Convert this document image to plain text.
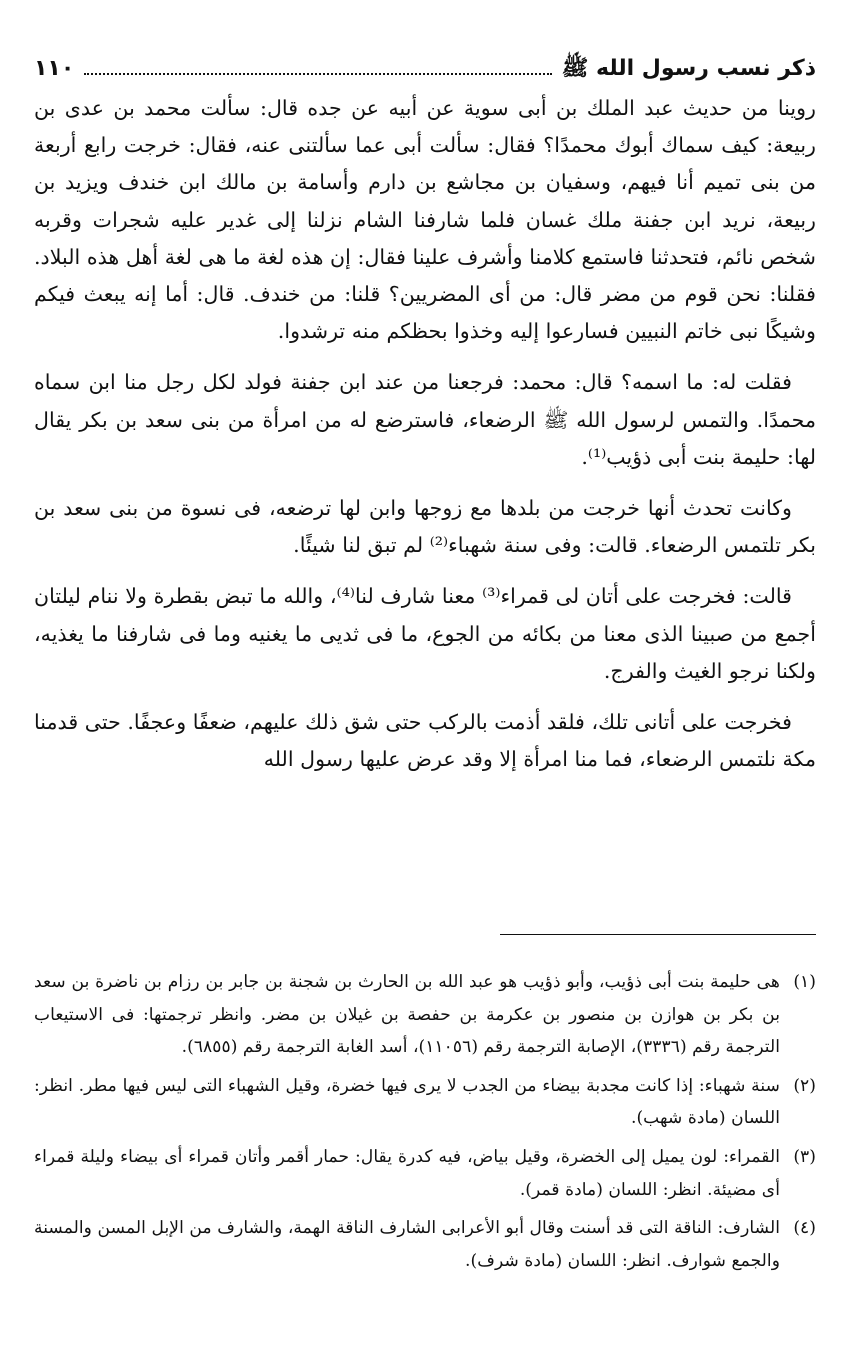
ذكر نسب رسول الله ﷺ
١١٠

روينا من حديث عبد الملك بن أبى سوية عن أبيه عن جده قال: سألت محمد بن عدى بن ربيعة: كيف سماك أبوك محمدًا؟ فقال: سألت أبى عما سألتنى عنه، فقال: خرجت رابع أربعة من بنى تميم أنا فيهم، وسفيان بن مجاشع بن دارم وأسامة بن مالك ابن خندف ويزيد بن ربيعة، نريد ابن جفنة ملك غسان فلما شارفنا الشام نزلنا إلى غدير عليه شجرات وقربه شخص نائم، فتحدثنا فاستمع كلامنا وأشرف علينا فقال: إن هذه لغة ما هى لغة أهل هذه البلاد. فقلنا: نحن قوم من مضر قال: من أى المضريين؟ قلنا: من خندف. قال: أما إنه يبعث فيكم وشيكًا نبى خاتم النبيين فسارعوا إليه وخذوا بحظكم منه ترشدوا.

فقلت له: ما اسمه؟ قال: محمد: فرجعنا من عند ابن جفنة فولد لكل رجل منا ابن سماه محمدًا. والتمس لرسول الله ﷺ الرضعاء، فاسترضع له من امرأة من بنى سعد بن بكر يقال لها: حليمة بنت أبى ذؤيب⁽¹⁾.

وكانت تحدث أنها خرجت من بلدها مع زوجها وابن لها ترضعه، فى نسوة من بنى سعد بن بكر تلتمس الرضعاء. قالت: وفى سنة شهباء⁽²⁾ لم تبق لنا شيئًا.

قالت: فخرجت على أتان لى قمراء⁽³⁾ معنا شارف لنا⁽⁴⁾، والله ما تبض بقطرة ولا ننام ليلتان أجمع من صبينا الذى معنا من بكائه من الجوع، ما فى ثديى ما يغنيه وما فى شارفنا ما يغذيه، ولكنا نرجو الغيث والفرج.

فخرجت على أتانى تلك، فلقد أذمت بالركب حتى شق ذلك عليهم، ضعفًا وعجفًا. حتى قدمنا مكة نلتمس الرضعاء، فما منا امرأة إلا وقد عرض عليها رسول الله

(١)
هى حليمة بنت أبى ذؤيب، وأبو ذؤيب هو عبد الله بن الحارث بن شجنة بن جابر بن رزام بن ناضرة بن سعد بن بكر بن هوازن بن منصور بن عكرمة بن حفصة بن غيلان بن مضر. وانظر ترجمتها: فى الاستيعاب الترجمة رقم (٣٣٣٦)، الإصابة الترجمة رقم (١١٠٥٦)، أسد الغابة الترجمة رقم (٦٨٥٥).
(٢)
سنة شهباء: إذا كانت مجدبة بيضاء من الجدب لا يرى فيها خضرة، وقيل الشهباء التى ليس فيها مطر. انظر: اللسان (مادة شهب).
(٣)
القمراء: لون يميل إلى الخضرة، وقيل بياض، فيه كدرة يقال: حمار أقمر وأتان قمراء أى بيضاء وليلة قمراء أى مضيئة. انظر: اللسان (مادة قمر).
(٤)
الشارف: الناقة التى قد أسنت وقال أبو الأعرابى الشارف الناقة الهمة، والشارف من الإبل المسن والمسنة والجمع شوارف. انظر: اللسان (مادة شرف).
